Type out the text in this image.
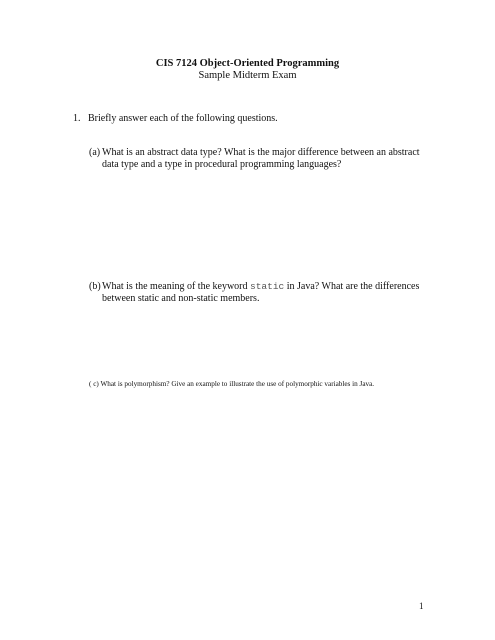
CIS 7124 Object-Oriented Programming
Sample Midterm Exam
1. Briefly answer each of the following questions.
(a) What is an abstract data type? What is the major difference between an abstract data type and a type in procedural programming languages?
(b) What is the meaning of the keyword static in Java? What are the differences between static and non-static members.
( c) What is polymorphism? Give an example to illustrate the use of polymorphic variables in Java.
1
